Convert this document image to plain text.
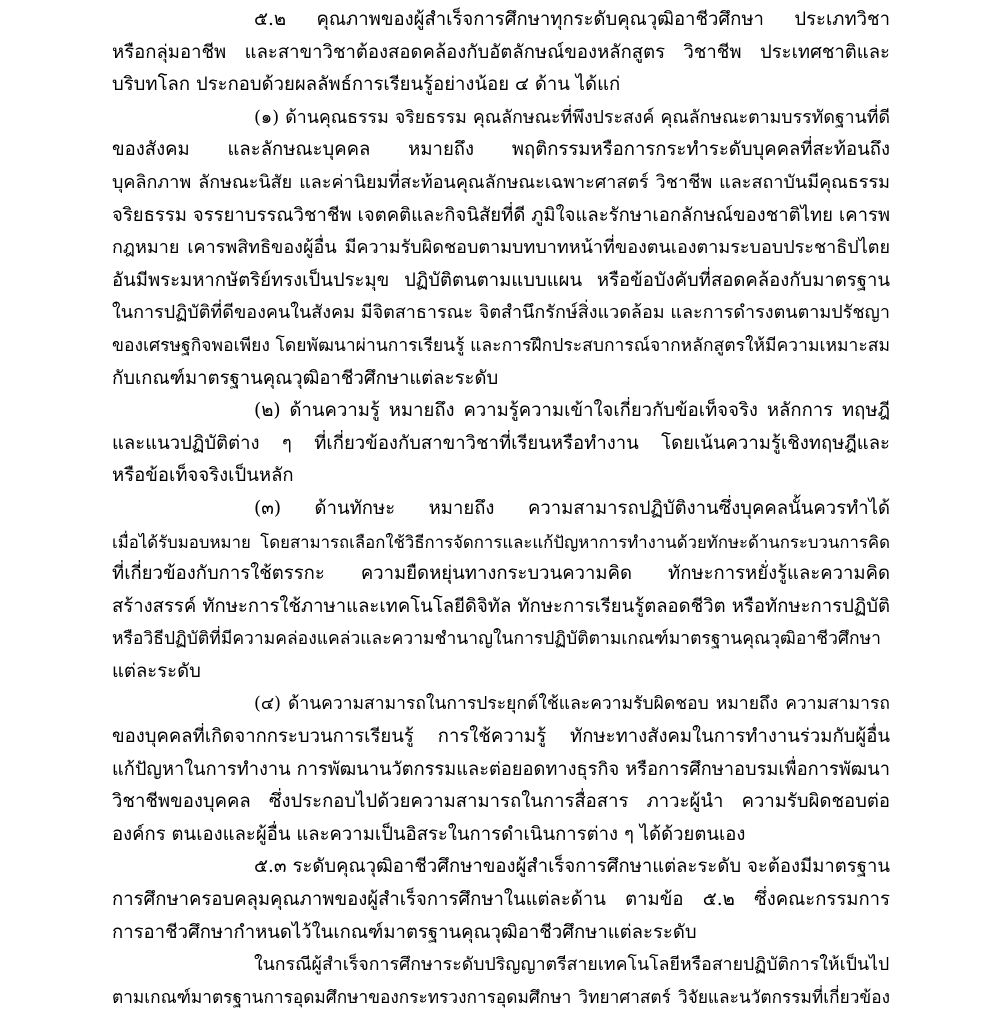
๕.๒ คุณภาพของผู้สำเร็จการศึกษาทุกระดับคุณวุฒิอาชีวศึกษา ประเภทวิชา
หรือกลุ่มอาชีพ และสาขาวิชาต้องสอดคล้องกับอัตลักษณ์ของหลักสูตร วิชาชีพ ประเทศชาติและ
บริบทโลก ประกอบด้วยผลลัพธ์การเรียนรู้อย่างน้อย ๔ ด้าน ได้แก่
(๑) ด้านคุณธรรม จริยธรรม คุณลักษณะที่พึงประสงค์ คุณลักษณะตามบรรทัดฐานที่ดี
ของสังคม และลักษณะบุคคล หมายถึง พฤติกรรมหรือการกระทำระดับบุคคลที่สะท้อนถึง
บุคลิกภาพ ลักษณะนิสัย และค่านิยมที่สะท้อนคุณลักษณะเฉพาะศาสตร์ วิชาชีพ และสถาบันมีคุณธรรม
จริยธรรม จรรยาบรรณวิชาชีพ เจตคติและกิจนิสัยที่ดี ภูมิใจและรักษาเอกลักษณ์ของชาติไทย เคารพ
กฎหมาย เคารพสิทธิของผู้อื่น มีความรับผิดชอบตามบทบาทหน้าที่ของตนเองตามระบอบประชาธิปไตย
อันมีพระมหากษัตริย์ทรงเป็นประมุข ปฏิบัติตนตามแบบแผน หรือข้อบังคับที่สอดคล้องกับมาตรฐาน
ในการปฏิบัติที่ดีของคนในสังคม มีจิตสาธารณะ จิตสำนึกรักษ์สิ่งแวดล้อม และการดำรงตนตามปรัชญา
ของเศรษฐกิจพอเพียง โดยพัฒนาผ่านการเรียนรู้ และการฝึกประสบการณ์จากหลักสูตรให้มีความเหมาะสม
กับเกณฑ์มาตรฐานคุณวุฒิอาชีวศึกษาแต่ละระดับ
(๒) ด้านความรู้ หมายถึง ความรู้ความเข้าใจเกี่ยวกับข้อเท็จจริง หลักการ ทฤษฎี
และแนวปฏิบัติต่าง ๆ ที่เกี่ยวข้องกับสาขาวิชาที่เรียนหรือทำงาน โดยเน้นความรู้เชิงทฤษฎีและ
หรือข้อเท็จจริงเป็นหลัก
(๓) ด้านทักษะ หมายถึง ความสามารถปฏิบัติงานซึ่งบุคคลนั้นควรทำได้
เมื่อได้รับมอบหมาย โดยสามารถเลือกใช้วิธีการจัดการและแก้ปัญหาการทำงานด้วยทักษะด้านกระบวนการคิด
ที่เกี่ยวข้องกับการใช้ตรรกะ ความยืดหยุ่นทางกระบวนความคิด ทักษะการหยั่งรู้และความคิด
สร้างสรรค์ ทักษะการใช้ภาษาและเทคโนโลยีดิจิทัล ทักษะการเรียนรู้ตลอดชีวิต หรือทักษะการปฏิบัติ
หรือวิธีปฏิบัติที่มีความคล่องแคล่วและความชำนาญในการปฏิบัติตามเกณฑ์มาตรฐานคุณวุฒิอาชีวศึกษา
แต่ละระดับ
(๔) ด้านความสามารถในการประยุกต์ใช้และความรับผิดชอบ หมายถึง ความสามารถ
ของบุคคลที่เกิดจากกระบวนการเรียนรู้ การใช้ความรู้ ทักษะทางสังคมในการทำงานร่วมกับผู้อื่น
แก้ปัญหาในการทำงาน การพัฒนานวัตกรรมและต่อยอดทางธุรกิจ หรือการศึกษาอบรมเพื่อการพัฒนา
วิชาชีพของบุคคล ซึ่งประกอบไปด้วยความสามารถในการสื่อสาร ภาวะผู้นำ ความรับผิดชอบต่อ
องค์กร ตนเองและผู้อื่น และความเป็นอิสระในการดำเนินการต่าง ๆ ได้ด้วยตนเอง
๕.๓ ระดับคุณวุฒิอาชีวศึกษาของผู้สำเร็จการศึกษาแต่ละระดับ จะต้องมีมาตรฐาน
การศึกษาครอบคลุมคุณภาพของผู้สำเร็จการศึกษาในแต่ละด้าน ตามข้อ ๕.๒ ซึ่งคณะกรรมการ
การอาชีวศึกษากำหนดไว้ในเกณฑ์มาตรฐานคุณวุฒิอาชีวศึกษาแต่ละระดับ
ในกรณีผู้สำเร็จการศึกษาระดับปริญญาตรีสายเทคโนโลยีหรือสายปฏิบัติการให้เป็นไป
ตามเกณฑ์มาตรฐานการอุดมศึกษาของกระทรวงการอุดมศึกษา วิทยาศาสตร์ วิจัยและนวัตกรรมที่เกี่ยวข้อง
